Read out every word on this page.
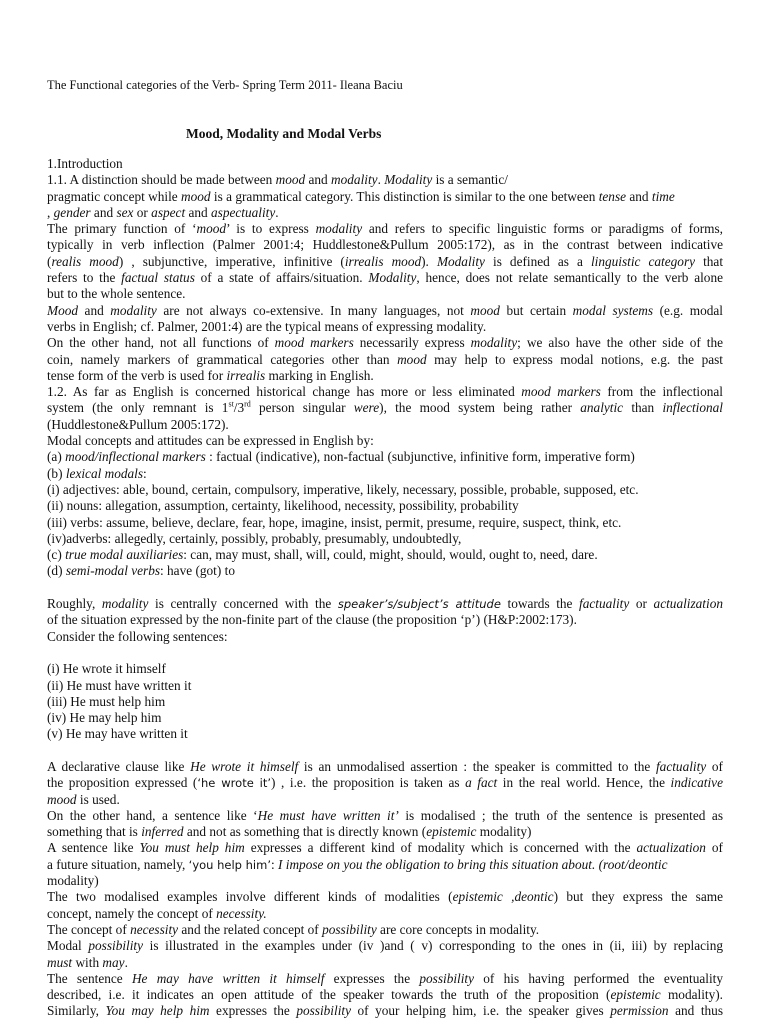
The Functional categories of the Verb- Spring Term 2011- Ileana Baciu
Mood, Modality and Modal Verbs
1.Introduction
1.1. A distinction should be made between mood and modality. Modality is a semantic/
pragmatic concept while mood is a grammatical category. This distinction is similar to the one between tense and time
, gender and sex or aspect and aspectuality.
The primary function of ‘mood’ is to express modality and refers to specific linguistic forms or paradigms of forms,
typically in verb inflection (Palmer 2001:4; Huddlestone&Pullum 2005:172), as in the contrast between indicative
(realis mood) , subjunctive, imperative, infinitive (irrealis mood). Modality is defined as a linguistic category that
refers to the factual status of a state of affairs/situation. Modality, hence, does not relate semantically to the verb alone
but to the whole sentence.
Mood and modality are not always co-extensive. In many languages, not mood but certain modal systems (e.g. modal
verbs in English; cf. Palmer, 2001:4) are the typical means of expressing modality.
On the other hand, not all functions of mood markers necessarily express modality; we also have the other side of the
coin, namely markers of grammatical categories other than mood may help to express modal notions, e.g. the past
tense form of the verb is used for irrealis marking in English.
1.2. As far as English is concerned historical change has more or less eliminated mood markers from the inflectional
system (the only remnant is 1st/3rd person singular were), the mood system being rather analytic than inflectional
(Huddlestone&Pullum 2005:172).
Modal concepts and attitudes can be expressed in English by:
(a) mood/inflectional markers : factual (indicative), non-factual (subjunctive, infinitive form, imperative form)
(b) lexical modals:
(i) adjectives: able, bound, certain, compulsory, imperative, likely, necessary, possible, probable, supposed, etc.
(ii) nouns: allegation, assumption, certainty, likelihood, necessity, possibility, probability
(iii) verbs: assume, believe, declare, fear, hope, imagine, insist, permit, presume, require, suspect, think, etc.
(iv)adverbs: allegedly, certainly, possibly, probably, presumably, undoubtedly,
(c) true modal auxiliaries: can, may must, shall, will, could, might, should, would, ought to, need, dare.
(d) semi-modal verbs: have (got) to
Roughly, modality is centrally concerned with the speaker’s/subject’s attitude towards the factuality or actualization
of the situation expressed by the non-finite part of the clause (the proposition ‘p’) (H&P:2002:173).
Consider the following sentences:
(i) He wrote it himself
(ii) He must have written it
(iii) He must help him
(iv) He may help him
(v) He may have written it
A declarative clause like He wrote it himself is an unmodalised assertion : the speaker is committed to the factuality of
the proposition expressed (‘he wrote it’) , i.e. the proposition is taken as a fact in the real world. Hence, the indicative
mood is used.
On the other hand, a sentence like ‘He must have written it’ is modalised ; the truth of the sentence is presented as
something that is inferred and not as something that is directly known (epistemic modality)
A sentence like You must help him expresses a different kind of modality which is concerned with the actualization of
a future situation, namely, ‘you help him’: I impose on you the obligation to bring this situation about. (root/deontic
modality)
The two modalised examples involve different kinds of modalities (epistemic ,deontic) but they express the same
concept, namely the concept of necessity.
The concept of necessity and the related concept of possibility are core concepts in modality.
Modal possibility is illustrated in the examples under (iv )and ( v) corresponding to the ones in (ii, iii) by replacing
must with may.
The sentence He may have written it himself expresses the possibility of his having performed the eventuality
described, i.e. it indicates an open attitude of the speaker towards the truth of the proposition (epistemic modality).
Similarly, You may help him expresses the possibility of your helping him, i.e. the speaker gives permission and thus
